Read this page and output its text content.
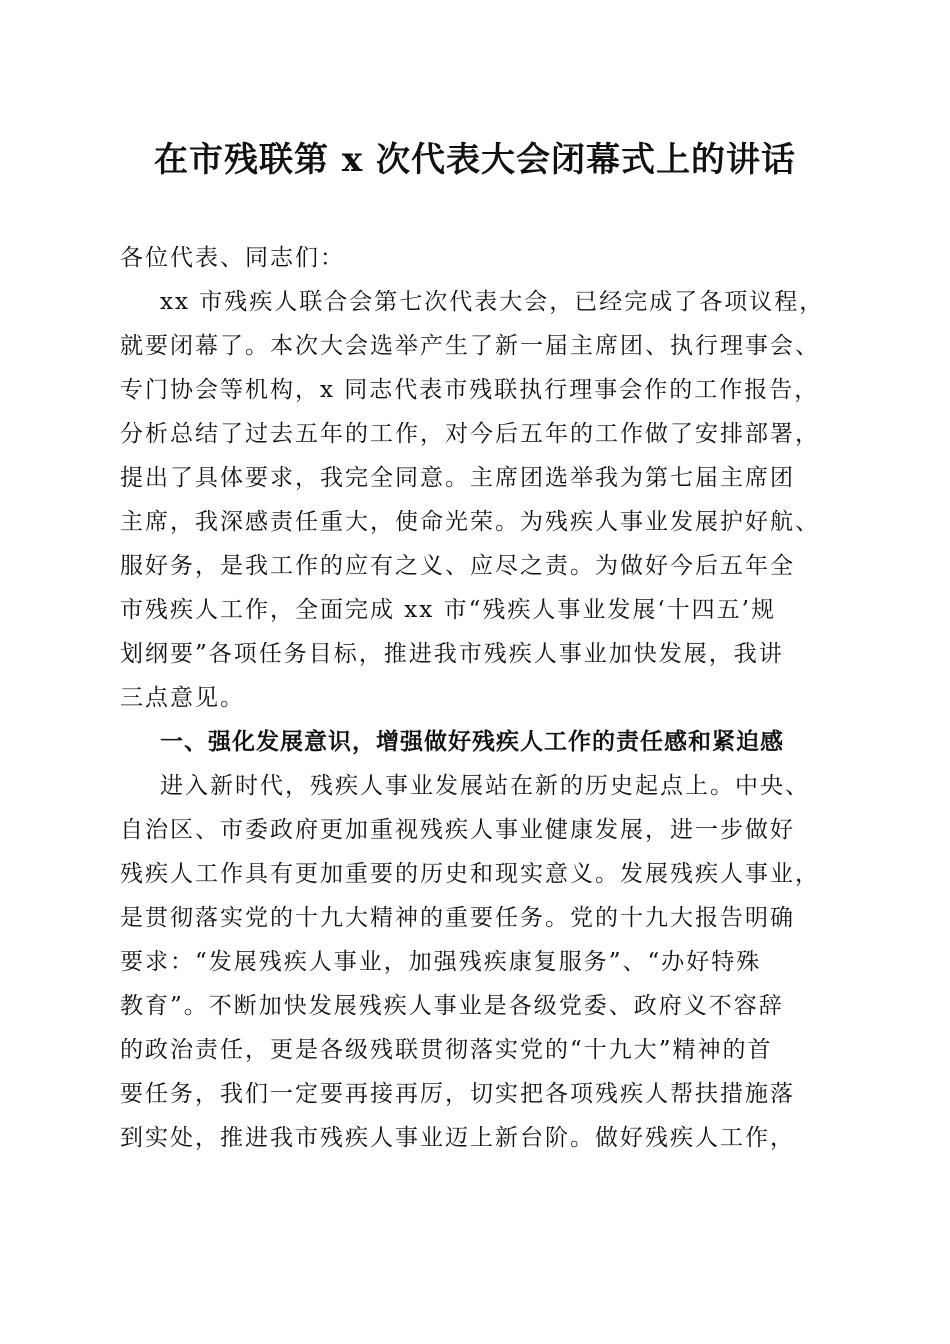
在市残联第 x 次代表大会闭幕式上的讲话
各位代表、同志们：
xx 市残疾人联合会第七次代表大会，已经完成了各项议程，
就要闭幕了。本次大会选举产生了新一届主席团、执行理事会、
专门协会等机构，x 同志代表市残联执行理事会作的工作报告，
分析总结了过去五年的工作，对今后五年的工作做了安排部署，
提出了具体要求，我完全同意。主席团选举我为第七届主席团
主席，我深感责任重大，使命光荣。为残疾人事业发展护好航、
服好务，是我工作的应有之义、应尽之责。为做好今后五年全
市残疾人工作，全面完成 xx 市“残疾人事业发展‘十四五’规
划纲要”各项任务目标，推进我市残疾人事业加快发展，我讲
三点意见。
一、强化发展意识，增强做好残疾人工作的责任感和紧迫感
进入新时代，残疾人事业发展站在新的历史起点上。中央、
自治区、市委政府更加重视残疾人事业健康发展，进一步做好
残疾人工作具有更加重要的历史和现实意义。发展残疾人事业，
是贯彻落实党的十九大精神的重要任务。党的十九大报告明确
要求：“发展残疾人事业，加强残疾康复服务”、“办好特殊
教育”。不断加快发展残疾人事业是各级党委、政府义不容辞
的政治责任，更是各级残联贯彻落实党的“十九大”精神的首
要任务，我们一定要再接再厉，切实把各项残疾人帮扶措施落
到实处，推进我市残疾人事业迈上新台阶。做好残疾人工作，
